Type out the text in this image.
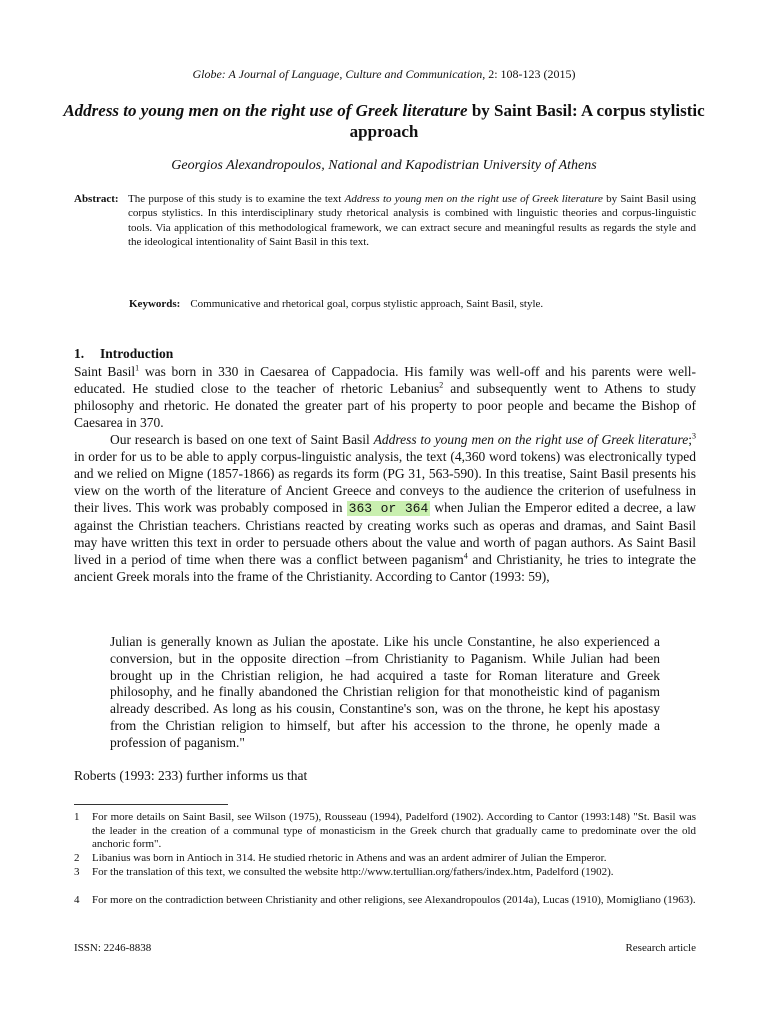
Globe: A Journal of Language, Culture and Communication, 2: 108-123 (2015)
Address to young men on the right use of Greek literature by Saint Basil: A corpus stylistic approach
Georgios Alexandropoulos, National and Kapodistrian University of Athens
Abstract: The purpose of this study is to examine the text Address to young men on the right use of Greek literature by Saint Basil using corpus stylistics. In this interdisciplinary study rhetorical analysis is combined with linguistic theories and corpus-linguistic tools. Via application of this methodological framework, we can extract secure and meaningful results as regards the style and the ideological intentionality of Saint Basil in this text.
Keywords: Communicative and rhetorical goal, corpus stylistic approach, Saint Basil, style.
1. Introduction

Saint Basil$^1$ was born in 330 in Caesarea of Cappadocia. His family was well-off and his parents were well-educated. He studied close to the teacher of rhetoric Lebanius$^2$ and subsequently went to Athens to study philosophy and rhetoric. He donated the greater part of his property to poor people and became the Bishop of Caesarea in 370.

Our research is based on one text of Saint Basil Address to young men on the right use of Greek literature;$^3$ in order for us to be able to apply corpus-linguistic analysis, the text (4,360 word tokens) was electronically typed and we relied on Migne (1857-1866) as regards its form (PG 31, 563-590). In this treatise, Saint Basil presents his view on the worth of the literature of Ancient Greece and conveys to the audience the criterion of usefulness in their lives. This work was probably composed in 363 or 364 when Julian the Emperor edited a decree, a law against the Christian teachers. Christians reacted by creating works such as operas and dramas, and Saint Basil may have written this text in order to persuade others about the value and worth of pagan authors. As Saint Basil lived in a period of time when there was a conflict between paganism$^4$ and Christianity, he tries to integrate the ancient Greek morals into the frame of the Christianity. According to Cantor (1993: 59),

Julian is generally known as Julian the apostate. Like his uncle Constantine, he also experienced a conversion, but in the opposite direction –from Christianity to Paganism. While Julian had been brought up in the Christian religion, he had acquired a taste for Roman literature and Greek philosophy, and he finally abandoned the Christian religion for that monotheistic kind of paganism already described. As long as his cousin, Constantine's son, was on the throne, he kept his apostasy from the Christian religion to himself, but after his accession to the throne, he openly made a profession of paganism."
Roberts (1993: 233) further informs us that
1 For more details on Saint Basil, see Wilson (1975), Rousseau (1994), Padelford (1902). According to Cantor (1993:148) "St. Basil was the leader in the creation of a communal type of monasticism in the Greek church that gradually came to predominate over the old anchoric form".
2 Libanius was born in Antioch in 314. He studied rhetoric in Athens and was an ardent admirer of Julian the Emperor.
3 For the translation of this text, we consulted the website http://www.tertullian.org/fathers/index.htm, Padelford (1902).
4 For more on the contradiction between Christianity and other religions, see Alexandropoulos (2014a), Lucas (1910), Momigliano (1963).
ISSN: 2246-8838	Research article
